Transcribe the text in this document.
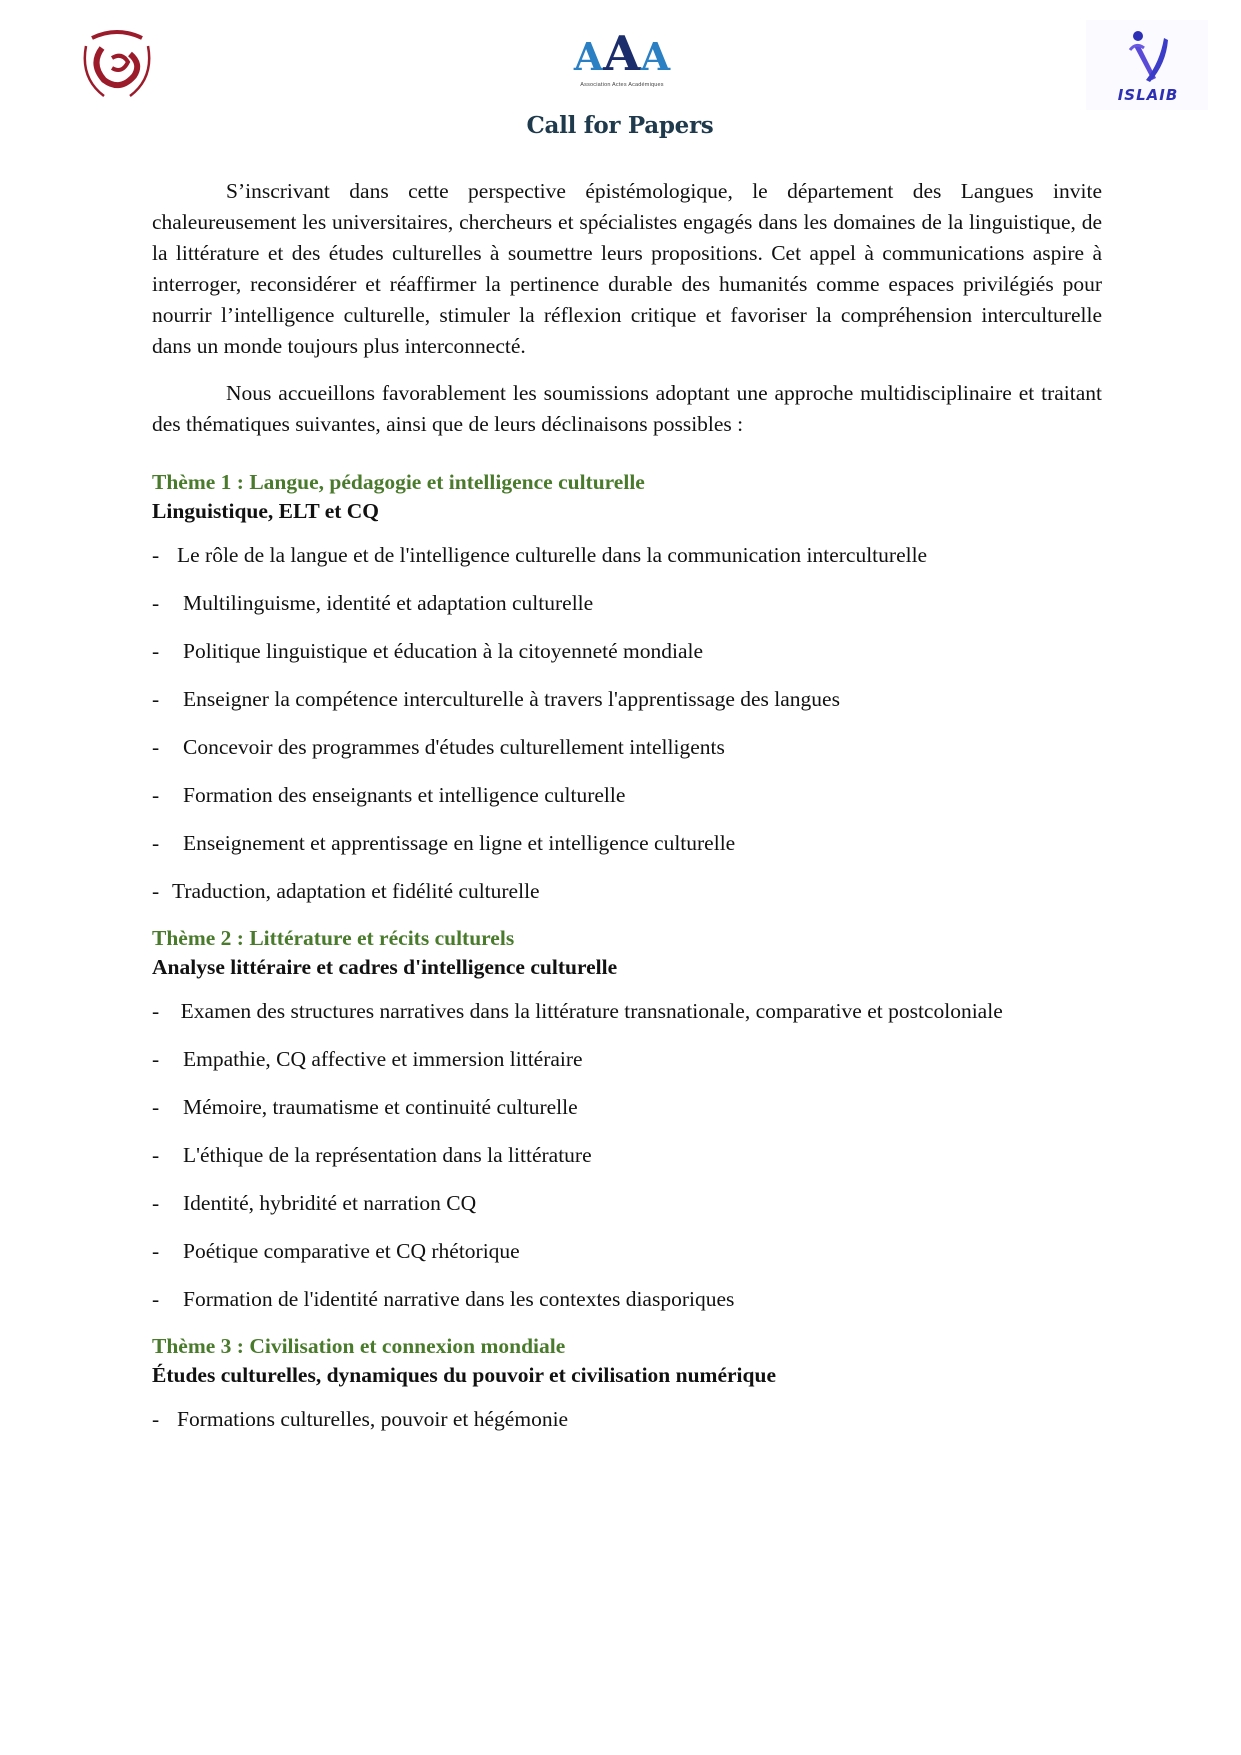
AAA
Association Actes Académiques
Call for Papers
ISLAIB

S’inscrivant dans cette perspective épistémologique, le département des Langues invite chaleureusement les universitaires, chercheurs et spécialistes engagés dans les domaines de la linguistique, de la littérature et des études culturelles à soumettre leurs propositions. Cet appel à communications aspire à interroger, reconsidérer et réaffirmer la pertinence durable des humanités comme espaces privilégiés pour nourrir l’intelligence culturelle, stimuler la réflexion critique et favoriser la compréhension interculturelle dans un monde toujours plus interconnecté.

Nous accueillons favorablement les soumissions adoptant une approche multidisciplinaire et traitant des thématiques suivantes, ainsi que de leurs déclinaisons possibles :

Thème 1 : Langue, pédagogie et intelligence culturelle
Linguistique, ELT et CQ
- Le rôle de la langue et de l'intelligence culturelle dans la communication interculturelle
- Multilinguisme, identité et adaptation culturelle
- Politique linguistique et éducation à la citoyenneté mondiale
- Enseigner la compétence interculturelle à travers l'apprentissage des langues
- Concevoir des programmes d'études culturellement intelligents
- Formation des enseignants et intelligence culturelle
- Enseignement et apprentissage en ligne et intelligence culturelle
- Traduction, adaptation et fidélité culturelle
Thème 2 : Littérature et récits culturels
Analyse littéraire et cadres d'intelligence culturelle
-    Examen des structures narratives dans la littérature transnationale, comparative et postcoloniale
- Empathie, CQ affective et immersion littéraire
- Mémoire, traumatisme et continuité culturelle
- L'éthique de la représentation dans la littérature
- Identité, hybridité et narration CQ
- Poétique comparative et CQ rhétorique
- Formation de l'identité narrative dans les contextes diasporiques
Thème 3 : Civilisation et connexion mondiale
Études culturelles, dynamiques du pouvoir et civilisation numérique
- Formations culturelles, pouvoir et hégémonie
